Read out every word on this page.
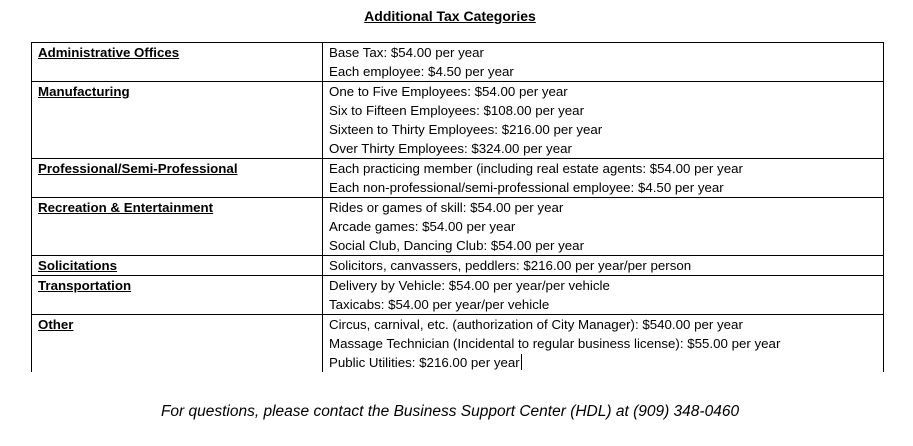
Additional Tax Categories
Administrative Offices	Base Tax: $54.00 per year
Each employee: $4.50 per year

Manufacturing	One to Five Employees: $54.00 per year
Six to Fifteen Employees: $108.00 per year
Sixteen to Thirty Employees: $216.00 per year
Over Thirty Employees: $324.00 per year

Professional/Semi-Professional	Each practicing member (including real estate agents: $54.00 per year
Each non-professional/semi-professional employee: $4.50 per year

Recreation & Entertainment	Rides or games of skill: $54.00 per year
Arcade games: $54.00 per year
Social Club, Dancing Club: $54.00 per year

Solicitations	Solicitors, canvassers, peddlers: $216.00 per year/per person

Transportation	Delivery by Vehicle: $54.00 per year/per vehicle
Taxicabs: $54.00 per year/per vehicle

Other	Circus, carnival, etc. (authorization of City Manager): $540.00 per year
Massage Technician (Incidental to regular business license): $55.00 per year
Public Utilities: $216.00 per year
For questions, please contact the Business Support Center (HDL) at (909) 348-0460
